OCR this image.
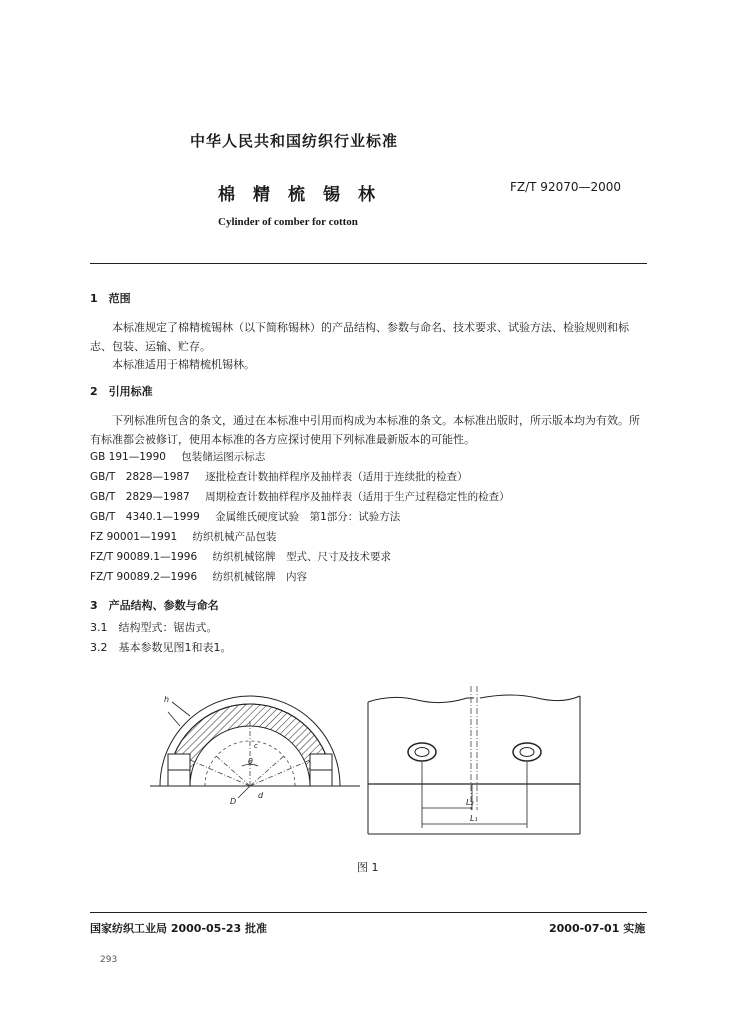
中华人民共和国纺织行业标准
棉精梳锡林	FZ/T 92070—2000
Cylinder of comber for cotton
1　范围
本标准规定了棉精梳锡林（以下简称锡林）的产品结构、参数与命名、技术要求、试验方法、检验规则和标志、包装、运输、贮存。
本标准适用于棉精梳机锡林。
2　引用标准
下列标准所包含的条文，通过在本标准中引用而构成为本标准的条文。本标准出版时，所示版本均为有效。所有标准都会被修订，使用本标准的各方应探讨使用下列标准最新版本的可能性。
GB 191—1990 包装储运图示标志
GB/T　2828—1987 逐批检查计数抽样程序及抽样表（适用于连续批的检查）
GB/T　2829—1987 周期检查计数抽样程序及抽样表（适用于生产过程稳定性的检查）
GB/T　4340.1—1999 金属维氏硬度试验　第1部分：试验方法
FZ 90001—1991 纺织机械产品包装
FZ/T 90089.1—1996 纺织机械铭牌　型式、尺寸及技术要求
FZ/T 90089.2—1996 纺织机械铭牌　内容
3　产品结构、参数与命名
3.1　结构型式：锯齿式。
3.2　基本参数见图1和表1。
h
c
θ
D
d
L₂
L₁
图 1
国家纺织工业局 2000-05-23 批准	2000-07-01 实施
293
